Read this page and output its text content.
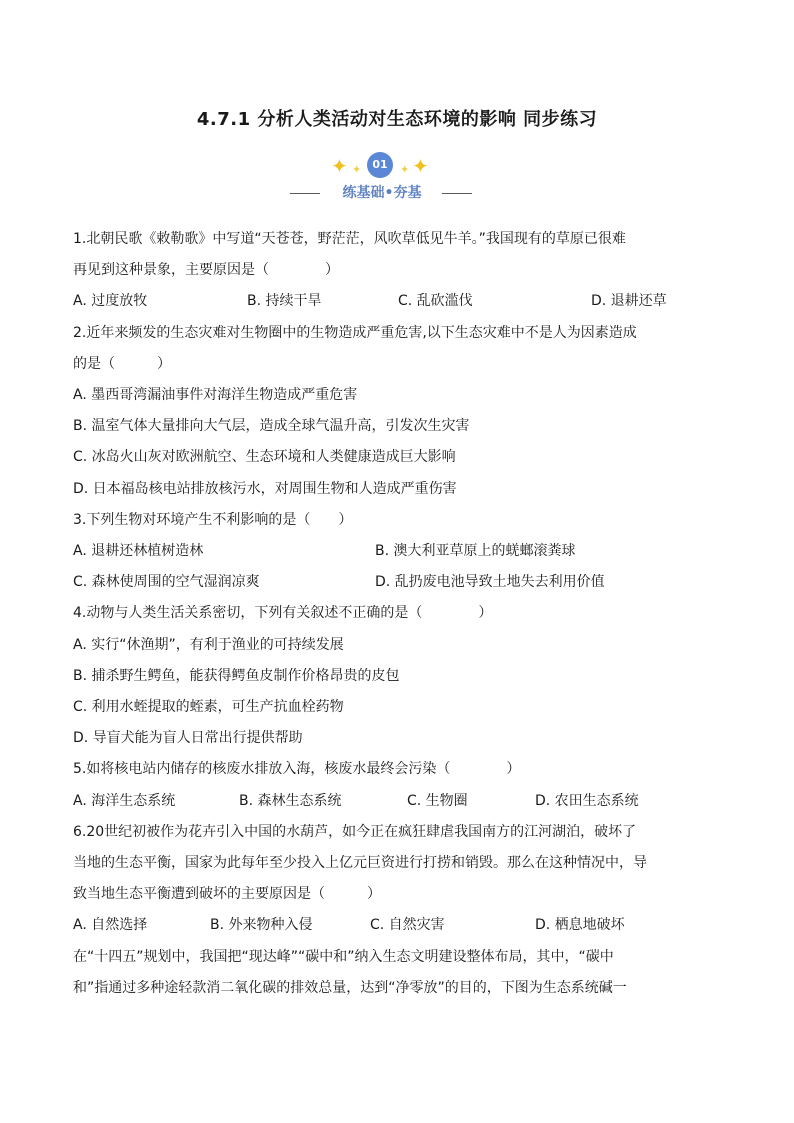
4.7.1 分析人类活动对生态环境的影响 同步练习
✦ ✦	01	✦ ✦
练基础•夯基
1.北朝民歌《敕勒歌》中写道“天苍苍，野茫茫，风吹草低见牛羊。”我国现有的草原已很难
再见到这种景象，主要原因是（　　　　）
A. 过度放牧	B. 持续干旱	C. 乱砍滥伐	D. 退耕还草
2.近年来频发的生态灾难对生物圈中的生物造成严重危害,以下生态灾难中不是人为因素造成
的是（　　　）
A. 墨西哥湾漏油事件对海洋生物造成严重危害
B. 温室气体大量排向大气层，造成全球气温升高，引发次生灾害
C. 冰岛火山灰对欧洲航空、生态环境和人类健康造成巨大影响
D. 日本福岛核电站排放核污水，对周围生物和人造成严重伤害
3.下列生物对环境产生不利影响的是（　　）
A. 退耕还林植树造林	B. 澳大利亚草原上的蜣螂滚粪球
C. 森林使周围的空气湿润凉爽	D. 乱扔废电池导致土地失去利用价值
4.动物与人类生活关系密切，下列有关叙述不正确的是（　　　　）
A. 实行“休渔期”，有利于渔业的可持续发展
B. 捕杀野生鳄鱼，能获得鳄鱼皮制作价格昂贵的皮包
C. 利用水蛭提取的蛭素，可生产抗血栓药物
D. 导盲犬能为盲人日常出行提供帮助
5.如将核电站内储存的核废水排放入海，核废水最终会污染（　　　　）
A. 海洋生态系统	B. 森林生态系统	C. 生物圈	D. 农田生态系统
6.20世纪初被作为花卉引入中国的水葫芦，如今正在疯狂肆虐我国南方的江河湖泊，破坏了
当地的生态平衡，国家为此每年至少投入上亿元巨资进行打捞和销毁。那么在这种情况中，导
致当地生态平衡遭到破坏的主要原因是（　　　）
A. 自然选择	B. 外来物种入侵	C. 自然灾害	D. 栖息地破坏
在“十四五”规划中，我国把“现达峰”“碳中和”纳入生态文明建设整体布局，其中，“碳中
和”指通过多种途轻款消二氧化碳的排效总量，达到“净零放”的目的，下图为生态系统碱一
